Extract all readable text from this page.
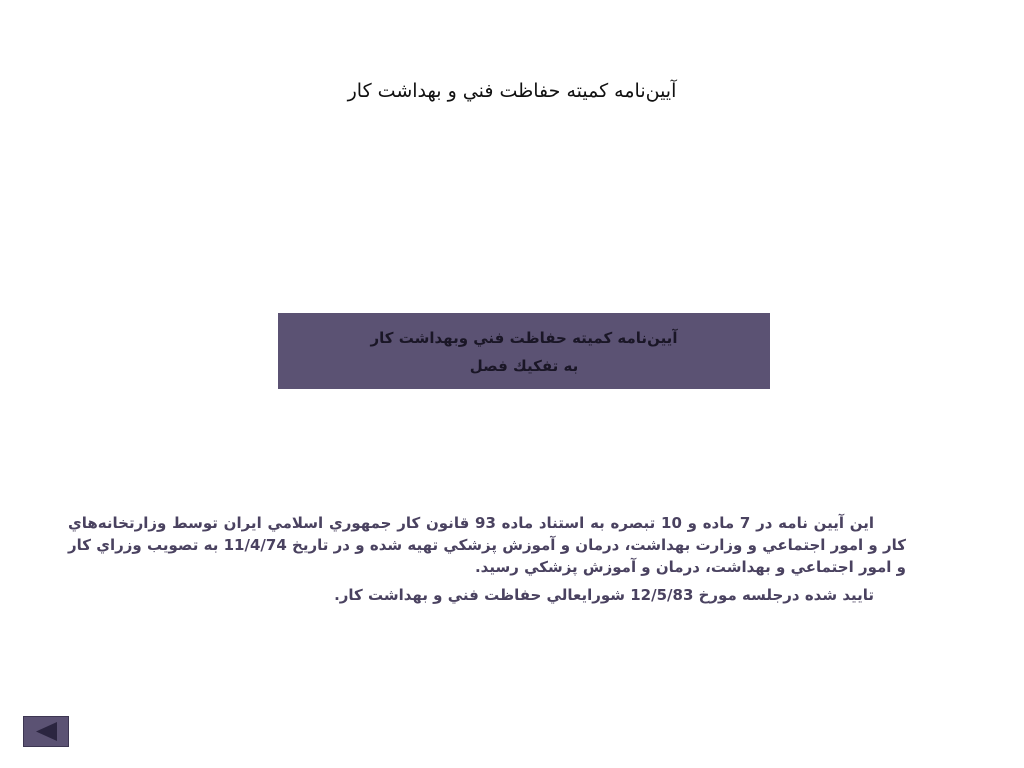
آیین‌نامه کمیته حفاظت فني و بهداشت کار
آیین‌نامه كميته حفاظت فني وبهداشت كار
به تفكيك فصل
اين آيين نامه در 7 ماده و 10 تبصره به استناد ماده 93 قانون كار جمهوري اسلامي ايران توسط وزارتخانه‌هاي كار و امور اجتماعي و وزارت بهداشت، درمان و آموزش پزشكي تهيه شده و در تاريخ 11/4/74 به تصويب وزراي كار و امور اجتماعي و بهداشت، درمان و آموزش پزشكي رسيد.
تاييد شده درجلسه مورخ 12/5/83 شورايعالي حفاظت فني و بهداشت كار.
